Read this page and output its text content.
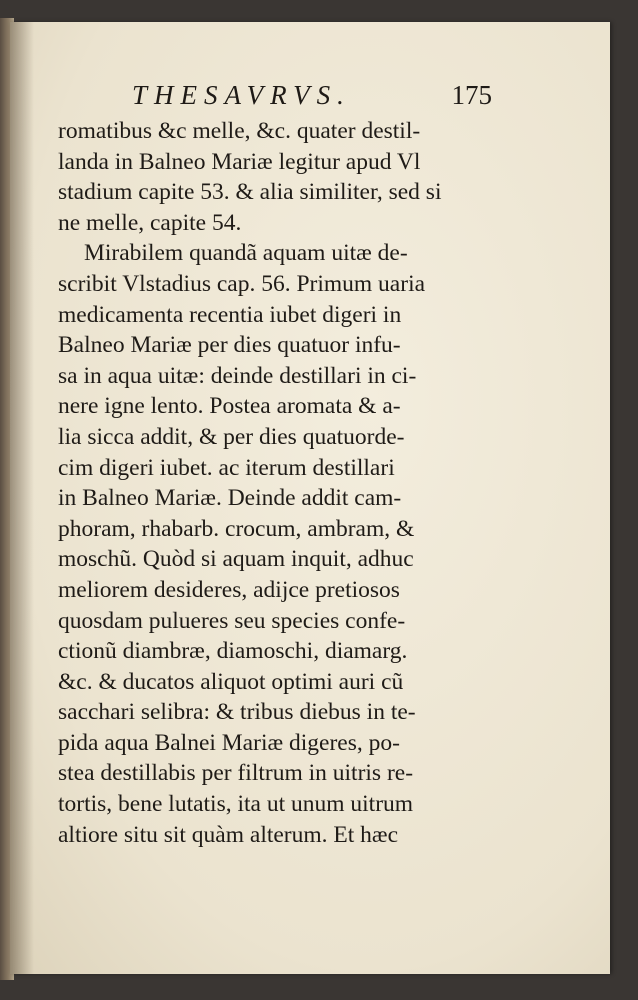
THESAVRVS.	175
romatibus &c melle, &c. quater destil-
landa in Balneo Mariæ legitur apud Vl
stadium capite 53. & alia similiter, sed si
ne melle, capite 54.
Mirabilem quandã aquam uitæ de-
scribit Vlstadius cap. 56. Primum uaria
medicamenta recentia iubet digeri in
Balneo Mariæ per dies quatuor infu-
sa in aqua uitæ: deinde destillari in ci-
nere igne lento. Postea aromata & a-
lia sicca addit, & per dies quatuorde-
cim digeri iubet. ac iterum destillari
in Balneo Mariæ. Deinde addit cam-
phoram, rhabarb. crocum, ambram, &
moschũ. Quòd si aquam inquit, adhuc
meliorem desideres, adijce pretiosos
quosdam pulueres seu species confe-
ctionũ diambræ, diamoschi, diamarg.
&c. & ducatos aliquot optimi auri cũ
sacchari selibra: & tribus diebus in te-
pida aqua Balnei Mariæ digeres, po-
stea destillabis per filtrum in uitris re-
tortis, bene lutatis, ita ut unum uitrum
altiore situ sit quàm alterum. Et hæc
